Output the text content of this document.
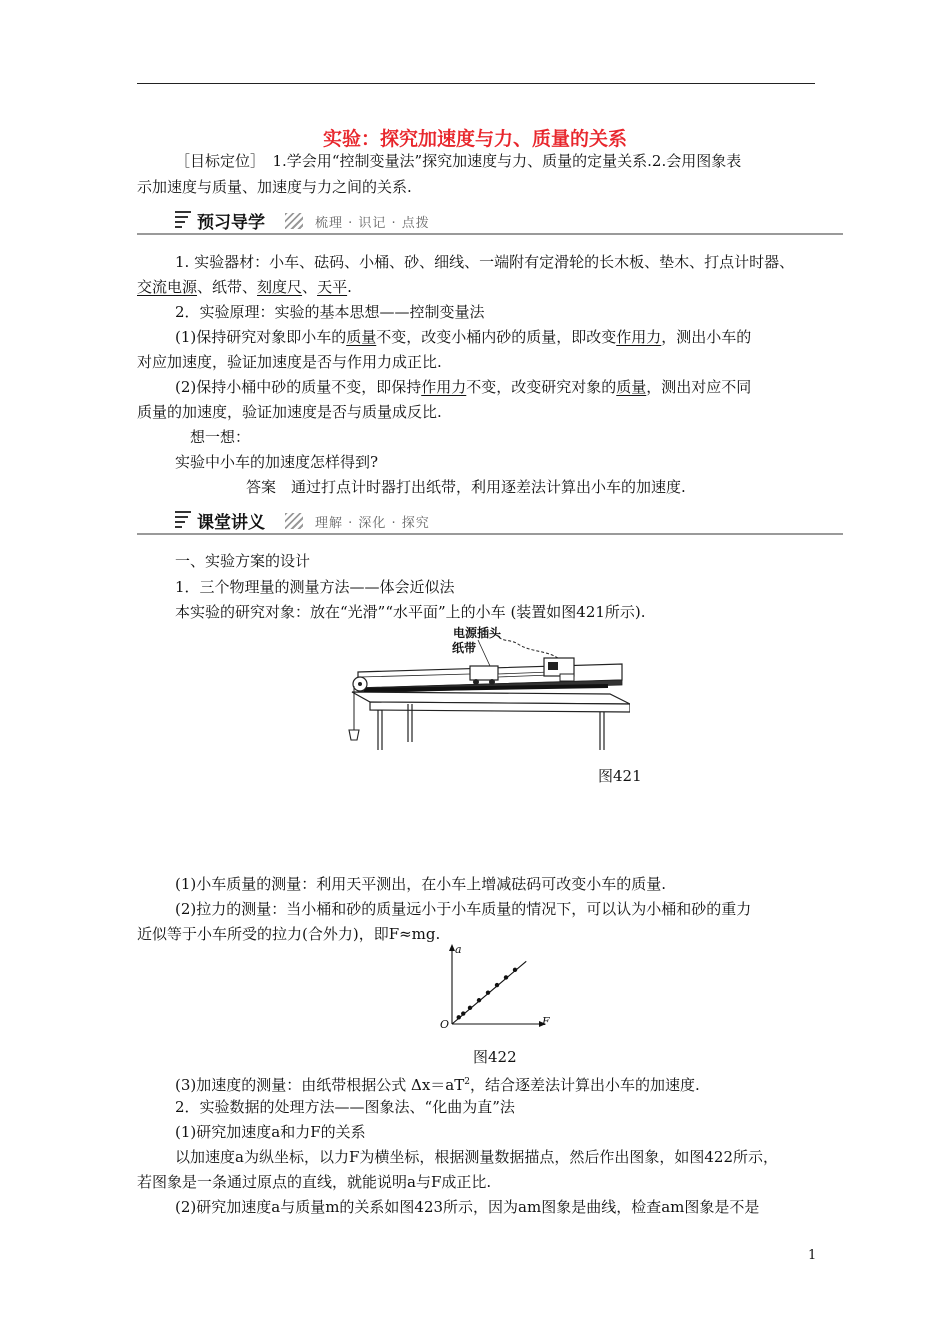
实验：探究加速度与力、质量的关系
［目标定位］　1.学会用“控制变量法”探究加速度与力、质量的定量关系.2.会用图象表
示加速度与质量、加速度与力之间的关系.
预习导学	梳理 · 识记 · 点拨
1. 实验器材：小车、砝码、小桶、砂、细线、一端附有定滑轮的长木板、垫木、打点计时器、
交流电源、纸带、刻度尺、天平.
2．实验原理：实验的基本思想——控制变量法
(1)保持研究对象即小车的质量不变，改变小桶内砂的质量，即改变作用力，测出小车的
对应加速度，验证加速度是否与作用力成正比.
(2)保持小桶中砂的质量不变，即保持作用力不变，改变研究对象的质量，测出对应不同
质量的加速度，验证加速度是否与质量成反比.
想一想：
实验中小车的加速度怎样得到?
答案　 通过打点计时器打出纸带，利用逐差法计算出小车的加速度.
课堂讲义	理解 · 深化 · 探究
一、实验方案的设计
1．三个物理量的测量方法——体会近似法
本实验的研究对象：放在“光滑”“水平面”上的小车 (装置如图421所示).
电源插头
纸带
图421
(1)小车质量的测量：利用天平测出，在小车上增减砝码可改变小车的质量.
(2)拉力的测量：当小桶和砂的质量远小于小车质量的情况下，可以认为小桶和砂的重力
近似等于小车所受的拉力(合外力)，即F≈mg.
a
F
O
图422
(3)加速度的测量：由纸带根据公式 $\Delta x=aT^2$，结合逐差法计算出小车的加速度.
2．实验数据的处理方法——图象法、“化曲为直”法
(1)研究加速度a和力F的关系
以加速度a为纵坐标，以力F为横坐标，根据测量数据描点，然后作出图象，如图422所示，
若图象是一条通过原点的直线，就能说明a与F成正比.
(2)研究加速度a与质量m的关系如图423所示，因为am图象是曲线，检查am图象是不是
1
